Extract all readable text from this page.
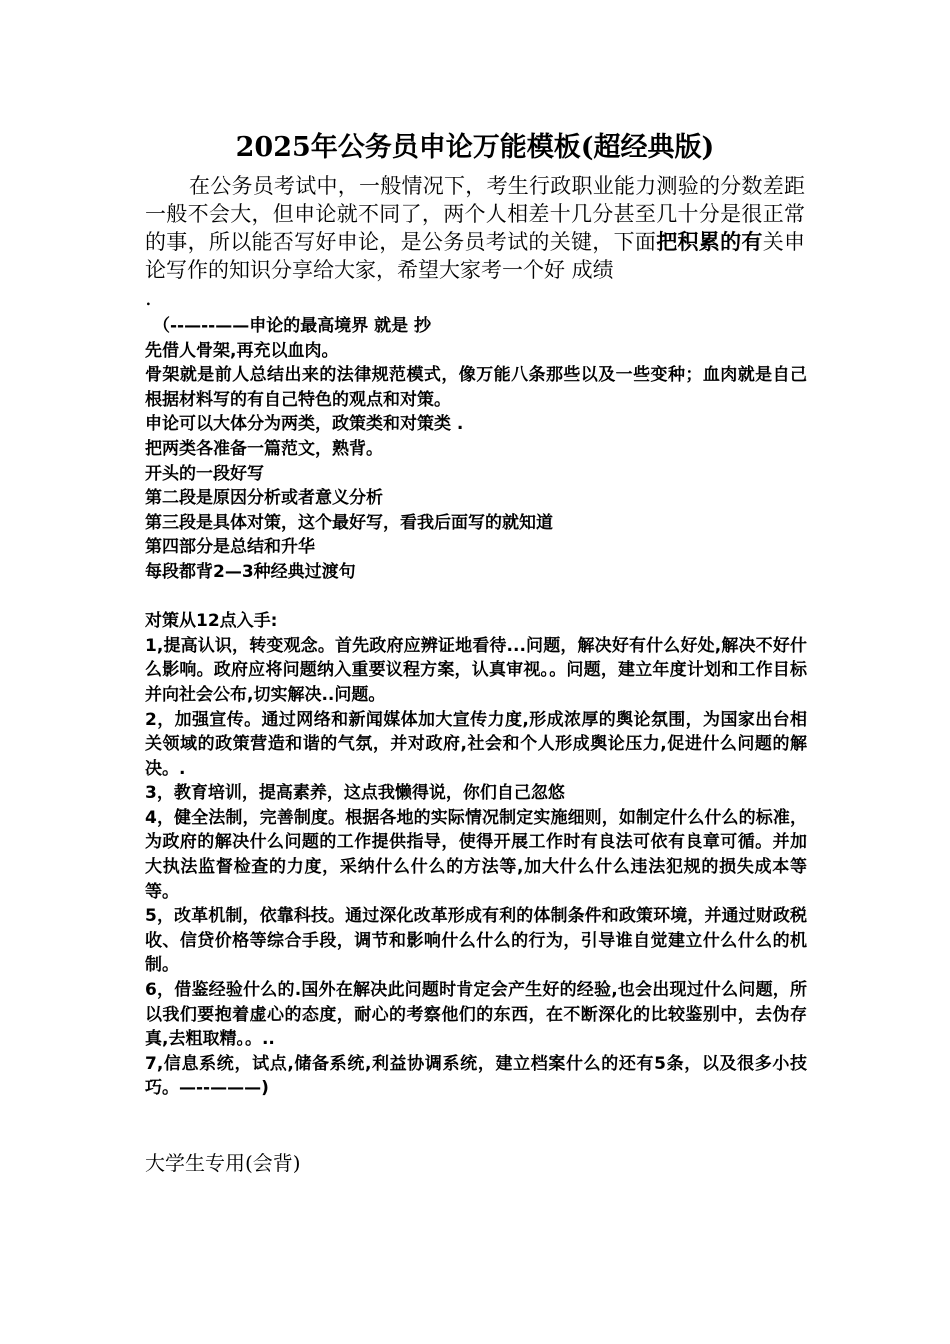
2025年公务员申论万能模板(超经典版)

在公务员考试中，一般情况下，考生行政职业能力测验的分数差距一般不会大，但申论就不同了，两个人相差十几分甚至几十分是很正常的事，所以能否写好申论，是公务员考试的关键，下面把积累的有关申论写作的知识分享给大家，希望大家考一个好 成绩
.

（--—--——申论的最高境界 就是 抄

先借人骨架,再充以血肉。

骨架就是前人总结出来的法律规范模式，像万能八条那些以及一些变种；血肉就是自己根据材料写的有自己特色的观点和对策。

申论可以大体分为两类，政策类和对策类 .

把两类各准备一篇范文，熟背。

开头的一段好写

第二段是原因分析或者意义分析

第三段是具体对策，这个最好写，看我后面写的就知道

第四部分是总结和升华

每段都背2—3种经典过渡句

对策从12点入手:

1,提高认识，转变观念。首先政府应辨证地看待...问题，解决好有什么好处,解决不好什么影响。政府应将问题纳入重要议程方案，认真审视。。问题，建立年度计划和工作目标并向社会公布,切实解决..问题。

2，加强宣传。通过网络和新闻媒体加大宣传力度,形成浓厚的舆论氛围，为国家出台相关领域的政策营造和谐的气氛，并对政府,社会和个人形成舆论压力,促进什么问题的解决。.

3，教育培训，提高素养，这点我懒得说，你们自己忽悠

4，健全法制，完善制度。根据各地的实际情况制定实施细则，如制定什么什么的标准，为政府的解决什么问题的工作提供指导，使得开展工作时有良法可依有良章可循。并加大执法监督检查的力度，采纳什么什么的方法等,加大什么什么违法犯规的损失成本等等。

5，改革机制，依靠科技。通过深化改革形成有利的体制条件和政策环境，并通过财政税收、信贷价格等综合手段，调节和影响什么什么的行为，引导谁自觉建立什么什么的机制。

6，借鉴经验什么的.国外在解决此问题时肯定会产生好的经验,也会出现过什么问题，所以我们要抱着虚心的态度，耐心的考察他们的东西，在不断深化的比较鉴别中，去伪存真,去粗取精。。..

7,信息系统，试点,储备系统,利益协调系统，建立档案什么的还有5条，以及很多小技巧。—--———)

大学生专用(会背)
